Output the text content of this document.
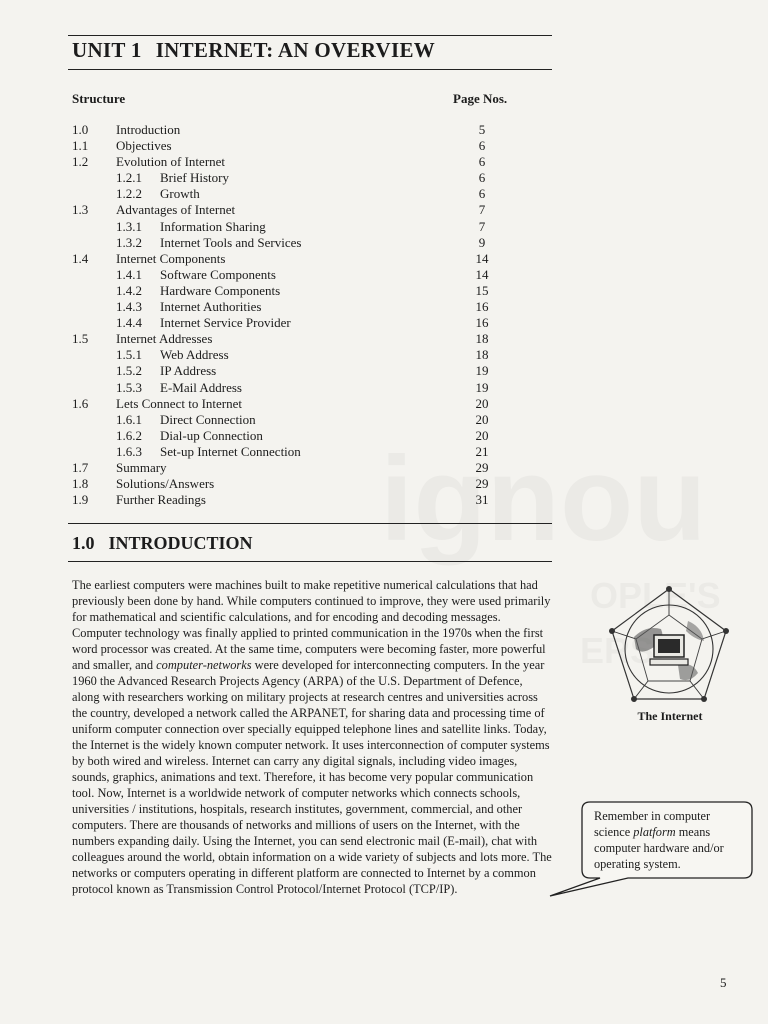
UNIT 1 INTERNET: AN OVERVIEW
Structure	Page Nos.
1.0 Introduction	5
1.1 Objectives	6
1.2 Evolution of Internet	6
1.2.1 Brief History	6
1.2.2 Growth	6
1.3 Advantages of Internet	7
1.3.1 Information Sharing	7
1.3.2 Internet Tools and Services	9
1.4 Internet Components	14
1.4.1 Software Components	14
1.4.2 Hardware Components	15
1.4.3 Internet Authorities	16
1.4.4 Internet Service Provider	16
1.5 Internet Addresses	18
1.5.1 Web Address	18
1.5.2 IP Address	19
1.5.3 E-Mail Address	19
1.6 Lets Connect to Internet	20
1.6.1 Direct Connection	20
1.6.2 Dial-up Connection	20
1.6.3 Set-up Internet Connection	21
1.7 Summary	29
1.8 Solutions/Answers	29
1.9 Further Readings	31
1.0 INTRODUCTION
The earliest computers were machines built to make repetitive numerical calculations that had previously been done by hand. While computers continued to improve, they were used primarily for mathematical and scientific calculations, and for encoding and decoding messages. Computer technology was finally applied to printed communication in the 1970s when the first word processor was created. At the same time, computers were becoming faster, more powerful and smaller, and computer-networks were developed for interconnecting computers. In the year 1960 the Advanced Research Projects Agency (ARPA) of the U.S. Department of Defence, along with researchers working on military projects at research centres and universities across the country, developed a network called the ARPANET, for sharing data and processing time of uniform computer connection over specially equipped telephone lines and satellite links. Today, the Internet is the widely known computer network. It uses interconnection of computer systems by both wired and wireless. Internet can carry any digital signals, including video images, sounds, graphics, animations and text. Therefore, it has become very popular communication tool. Now, Internet is a worldwide network of computer networks which connects schools, universities / institutions, hospitals, research institutes, government, commercial, and other computers. There are thousands of networks and millions of users on the Internet, with the numbers expanding daily. Using the Internet, you can send electronic mail (E-mail), chat with colleagues around the world, obtain information on a wide variety of subjects and lots more. The networks or computers operating in different platform are connected to Internet by a common protocol known as Transmission Control Protocol/Internet Protocol (TCP/IP).
The Internet
Remember in computer science platform means computer hardware and/or operating system.
5
